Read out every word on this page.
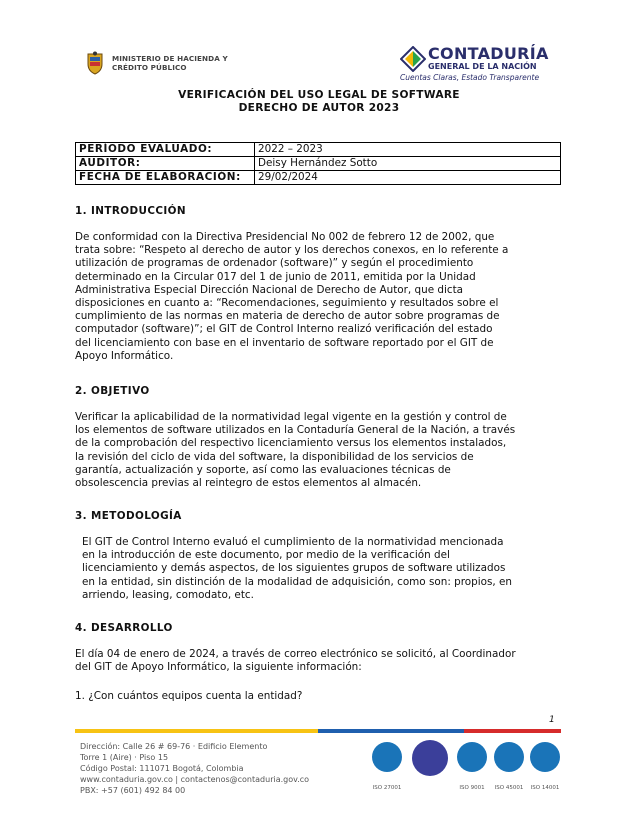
MINISTERIO DE HACIENDA Y
CRÉDITO PÚBLICO
CONTADURÍA
GENERAL DE LA NACIÓN
Cuentas Claras, Estado Transparente
VERIFICACIÓN DEL USO LEGAL DE SOFTWARE
DERECHO DE AUTOR 2023
PERÍODO EVALUADO:	2022 – 2023
AUDITOR:	Deisy Hernández Sotto
FECHA DE ELABORACIÓN:	29/02/2024
1. INTRODUCCIÓN
De conformidad con la Directiva Presidencial No 002 de febrero 12 de 2002, que
trata sobre: “Respeto al derecho de autor y los derechos conexos, en lo referente a
utilización de programas de ordenador (software)” y según el procedimiento
determinado en la Circular 017 del 1 de junio de 2011, emitida por la Unidad
Administrativa Especial Dirección Nacional de Derecho de Autor, que dicta
disposiciones en cuanto a: “Recomendaciones, seguimiento y resultados sobre el
cumplimiento de las normas en materia de derecho de autor sobre programas de
computador (software)”; el GIT de Control Interno realizó verificación del estado
del licenciamiento con base en el inventario de software reportado por el GIT de
Apoyo Informático.
2. OBJETIVO
Verificar la aplicabilidad de la normatividad legal vigente en la gestión y control de
los elementos de software utilizados en la Contaduría General de la Nación, a través
de la comprobación del respectivo licenciamiento versus los elementos instalados,
la revisión del ciclo de vida del software, la disponibilidad de los servicios de
garantía, actualización y soporte, así como las evaluaciones técnicas de
obsolescencia previas al reintegro de estos elementos al almacén.
3. METODOLOGÍA
El GIT de Control Interno evaluó el cumplimiento de la normatividad mencionada
en la introducción de este documento, por medio de la verificación del
licenciamiento y demás aspectos, de los siguientes grupos de software utilizados
en la entidad, sin distinción de la modalidad de adquisición, como son: propios, en
arriendo, leasing, comodato, etc.
4. DESARROLLO
El día 04 de enero de 2024, a través de correo electrónico se solicitó, al Coordinador
del GIT de Apoyo Informático, la siguiente información:
1. ¿Con cuántos equipos cuenta la entidad?
1
Dirección: Calle 26 # 69-76 · Edificio Elemento
Torre 1 (Aire) · Piso 15
Código Postal: 111071 Bogotá, Colombia
www.contaduria.gov.co | contactenos@contaduria.gov.co
PBX: +57 (601) 492 84 00	ISO 27001	ISO 9001	ISO 45001	ISO 14001
